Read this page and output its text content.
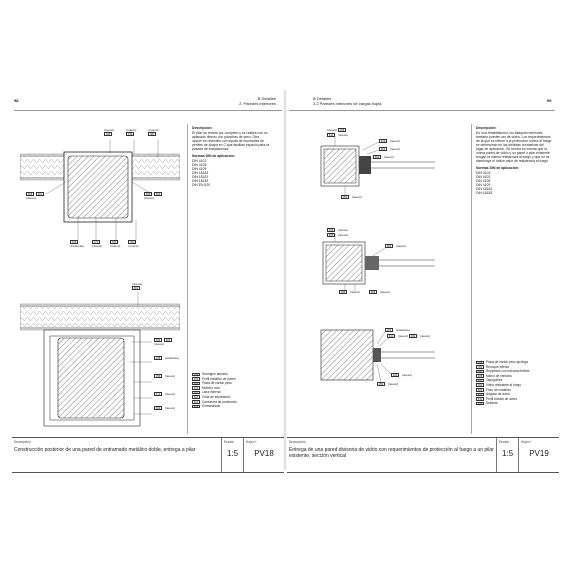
98	B Detalles
2. Paredes interiores
(nuevo)
158
(nuevo)
154
(nuevo)
301
636 621
(nuevo)
636 623
(nuevo)
135
(existente)
172
(nuevo)
156
(nuevo)
604
(nuevo)
(nuevo)
301
636 622 (nuevo)
135 (existente)
156 (nuevo)
172 (nuevo)
604 (nuevo)
Descripción:
El pilar se reviste por completo y se realiza con un aplacado directo con planchas de yeso. Otra opción es revestirlo con ayuda de montantes de perfiles de chapa en C que facilitan espacio para la pasada de instalaciones.
Normas DIN de aplicación:
DIN 4102
DIN 4108
DIN 4109
DIN 18183
DIN 18181
DIN 18183
DIN EN 520
135	Hormigón armado
154	Perfil metálico de pared
156	Placa de cartón yeso
172	Mortero cola
301	Lana mineral
604	Cinta de separación
621	Cantonera de protección
636	Emmasillado
Descripción
Construcción posterior de una pared de entramado metálico doble, entrega a pilar
Escala
1:5
Hoja nº
PV18
B Detalles
3.2 Paredes interiores de cargas hojas
99
(nuevo) 156
611 (nuevo)
403 (nuevo)
462 (nuevo)
609 (nuevo)
250 (nuevo)
156 (nuevo)
505 (nuevo)
602 (nuevo)
250 (nuevo)	608 (nuevo)
151 (existente)
611 (nuevo)	492 (nuevo)
250 (nuevo)
462 (nuevo)
Descripción:
En una rehabilitación, los tabiques interiores también pueden ser de vidrio. Los requerimientos de la que se refiere a la protección contra el fuego se determinan en las distintas normativas del lugar de aplicación. Se tendrá en cuenta que la nueva pared de vidrio y su panel o pilar existente tengan la misma resistencia al fuego y que no se disminuya el índice valor de resistencia al fuego.
Normas DIN de aplicación:
DIN 4103
DIN 4102
DIN 4108
DIN 4109
DIN 18181
DIN 18183
156	Placa de cartón yeso ignífuga
160	Revoque interior
250	Rejuntado con lechada flexible
405	Marco de ventana
462	Taquguiries
492	Vidrio resistente al fuego
505	Friso de maderas
602	Angular de acero
611	Perfil tubular de acero
636	Sellante
Descripción
Entrega de una pared divisoria de vidrio con requerimientos de protección al fuego a un pilar existente, sección vertical
Escala
1:5
Hoja nº
PV19
